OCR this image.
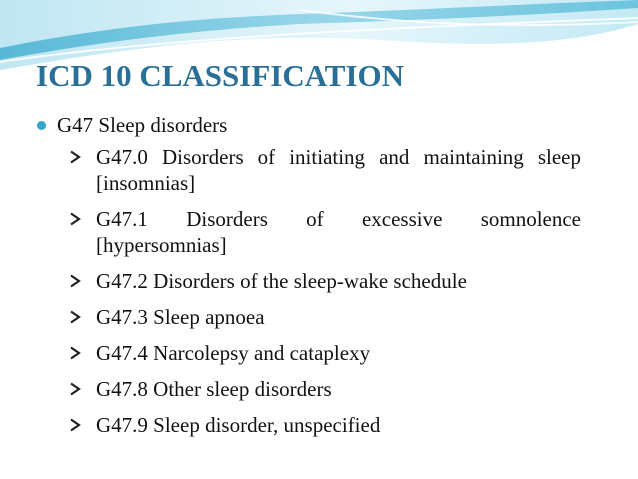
ICD 10 CLASSIFICATION
G47 Sleep disorders
G47.0 Disorders of initiating and maintaining sleep [insomnias]
G47.1 Disorders of excessive somnolence [hypersomnias]
G47.2 Disorders of the sleep-wake schedule
G47.3 Sleep apnoea
G47.4 Narcolepsy and cataplexy
G47.8 Other sleep disorders
G47.9 Sleep disorder, unspecified
